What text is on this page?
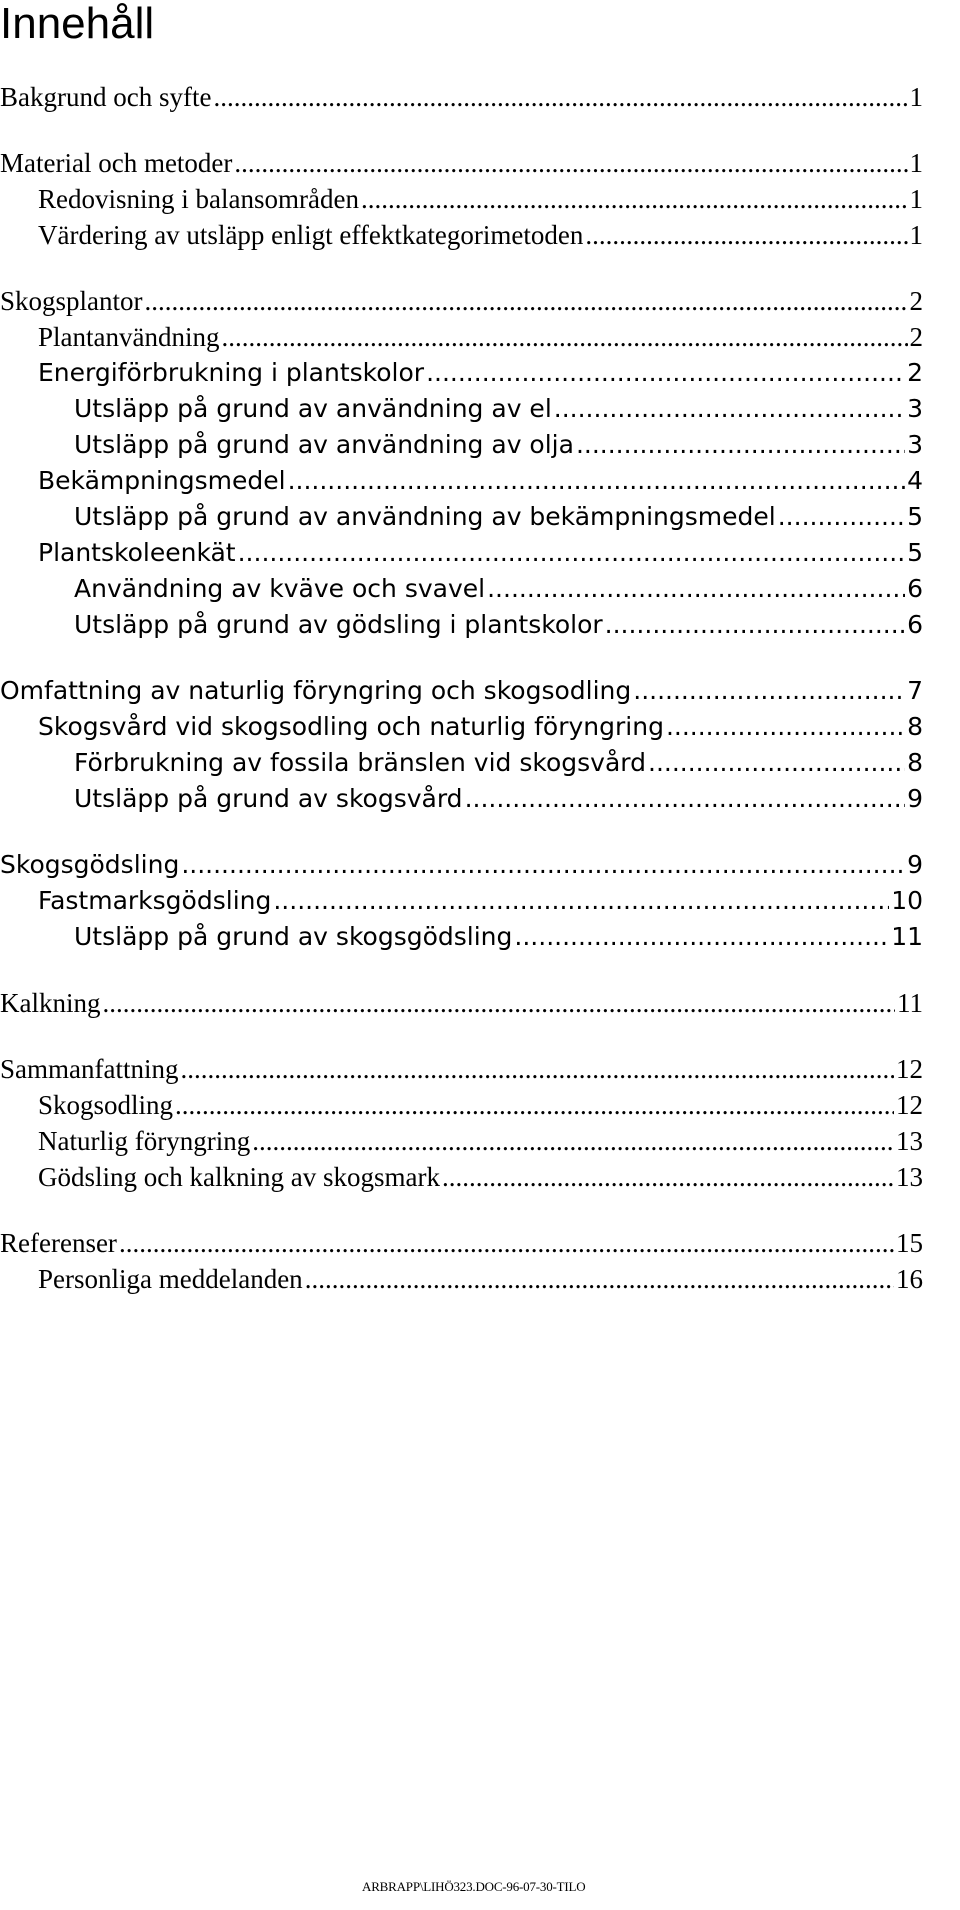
Innehåll
Bakgrund och syfte .....	1
Material och metoder .....	1
Redovisning i balansområden .....	1
Värdering av utsläpp enligt effektkategorimetoden .....	1
Skogsplantor .....	2
Plantanvändning .....	2
Energiförbrukning i plantskolor .....	2
Utsläpp på grund av användning av el .....	3
Utsläpp på grund av användning av olja .....	3
Bekämpningsmedel .....	4
Utsläpp på grund av användning av bekämpningsmedel .....	5
Plantskoleenkät .....	5
Användning av kväve och svavel .....	6
Utsläpp på grund av gödsling i plantskolor .....	6
Omfattning av naturlig föryngring och skogsodling .....	7
Skogsvård vid skogsodling och naturlig föryngring .....	8
Förbrukning av fossila bränslen vid skogsvård .....	8
Utsläpp på grund av skogsvård .....	9
Skogsgödsling .....	9
Fastmarksgödsling .....	10
Utsläpp på grund av skogsgödsling .....	11
Kalkning .....	11
Sammanfattning .....	12
Skogsodling .....	12
Naturlig föryngring .....	13
Gödsling och kalkning av skogsmark .....	13
Referenser .....	15
Personliga meddelanden .....	16
ARBRAPP\LIHÖ323.DOC-96-07-30-TILO
